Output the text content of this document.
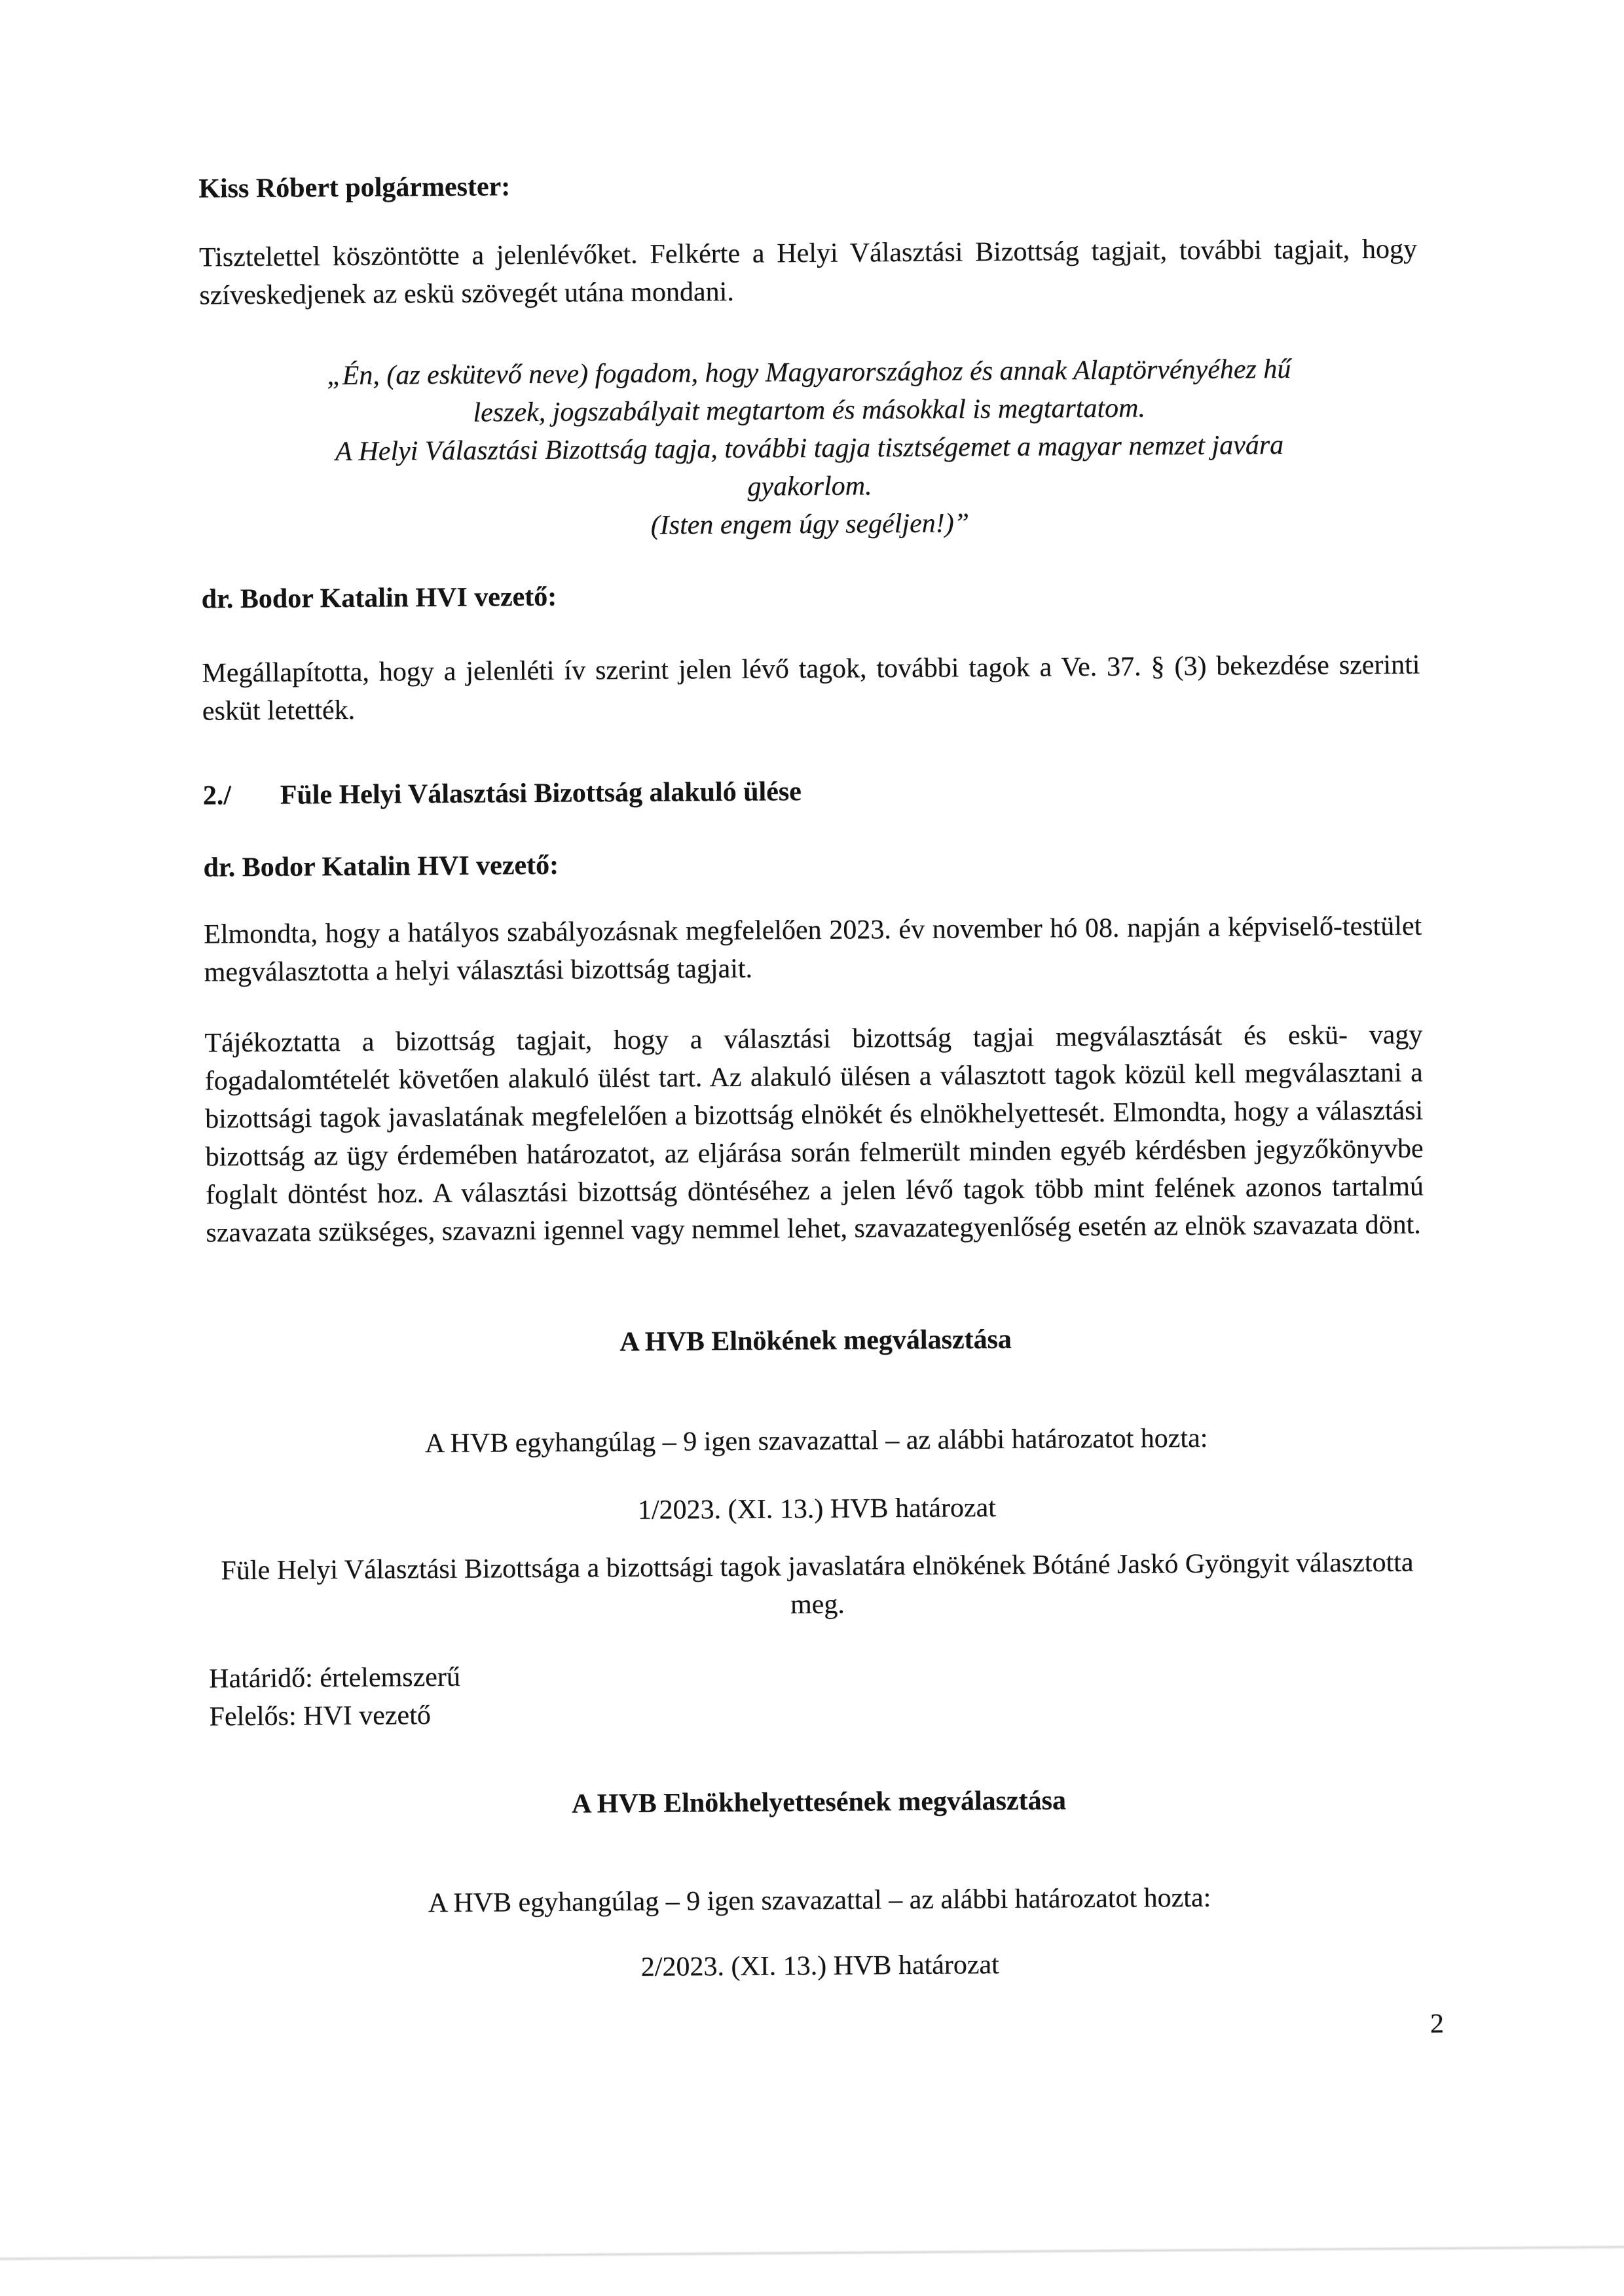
Kiss Róbert polgármester:

Tisztelettel köszöntötte a jelenlévőket. Felkérte a Helyi Választási Bizottság tagjait, további tagjait, hogy szíveskedjenek az eskü szövegét utána mondani.

„Én, (az eskütevő neve) fogadom, hogy Magyarországhoz és annak Alaptörvényéhez hű
leszek, jogszabályait megtartom és másokkal is megtartatom.
A Helyi Választási Bizottság tagja, további tagja tisztségemet a magyar nemzet javára
gyakorlom.
(Isten engem úgy segéljen!)”

dr. Bodor Katalin HVI vezető:

Megállapította, hogy a jelenléti ív szerint jelen lévő tagok, további tagok a Ve. 37. § (3) bekezdése szerinti esküt letették.

2./ Füle Helyi Választási Bizottság alakuló ülése

dr. Bodor Katalin HVI vezető:

Elmondta, hogy a hatályos szabályozásnak megfelelően 2023. év november hó 08. napján a képviselő-testület megválasztotta a helyi választási bizottság tagjait.

Tájékoztatta a bizottság tagjait, hogy a választási bizottság tagjai megválasztását és eskü- vagy fogadalomtételét követően alakuló ülést tart. Az alakuló ülésen a választott tagok közül kell megválasztani a bizottsági tagok javaslatának megfelelően a bizottság elnökét és elnökhelyettesét. Elmondta, hogy a választási bizottság az ügy érdemében határozatot, az eljárása során felmerült minden egyéb kérdésben jegyzőkönyvbe foglalt döntést hoz. A választási bizottság döntéséhez a jelen lévő tagok több mint felének azonos tartalmú szavazata szükséges, szavazni igennel vagy nemmel lehet, szavazategyenlőség esetén az elnök szavazata dönt.

A HVB Elnökének megválasztása

A HVB egyhangúlag – 9 igen szavazattal – az alábbi határozatot hozta:

1/2023. (XI. 13.) HVB határozat

Füle Helyi Választási Bizottsága a bizottsági tagok javaslatára elnökének Bótáné Jaskó Gyöngyit választotta meg.

Határidő: értelemszerű

Felelős: HVI vezető

A HVB Elnökhelyettesének megválasztása

A HVB egyhangúlag – 9 igen szavazattal – az alábbi határozatot hozta:

2/2023. (XI. 13.) HVB határozat

2
